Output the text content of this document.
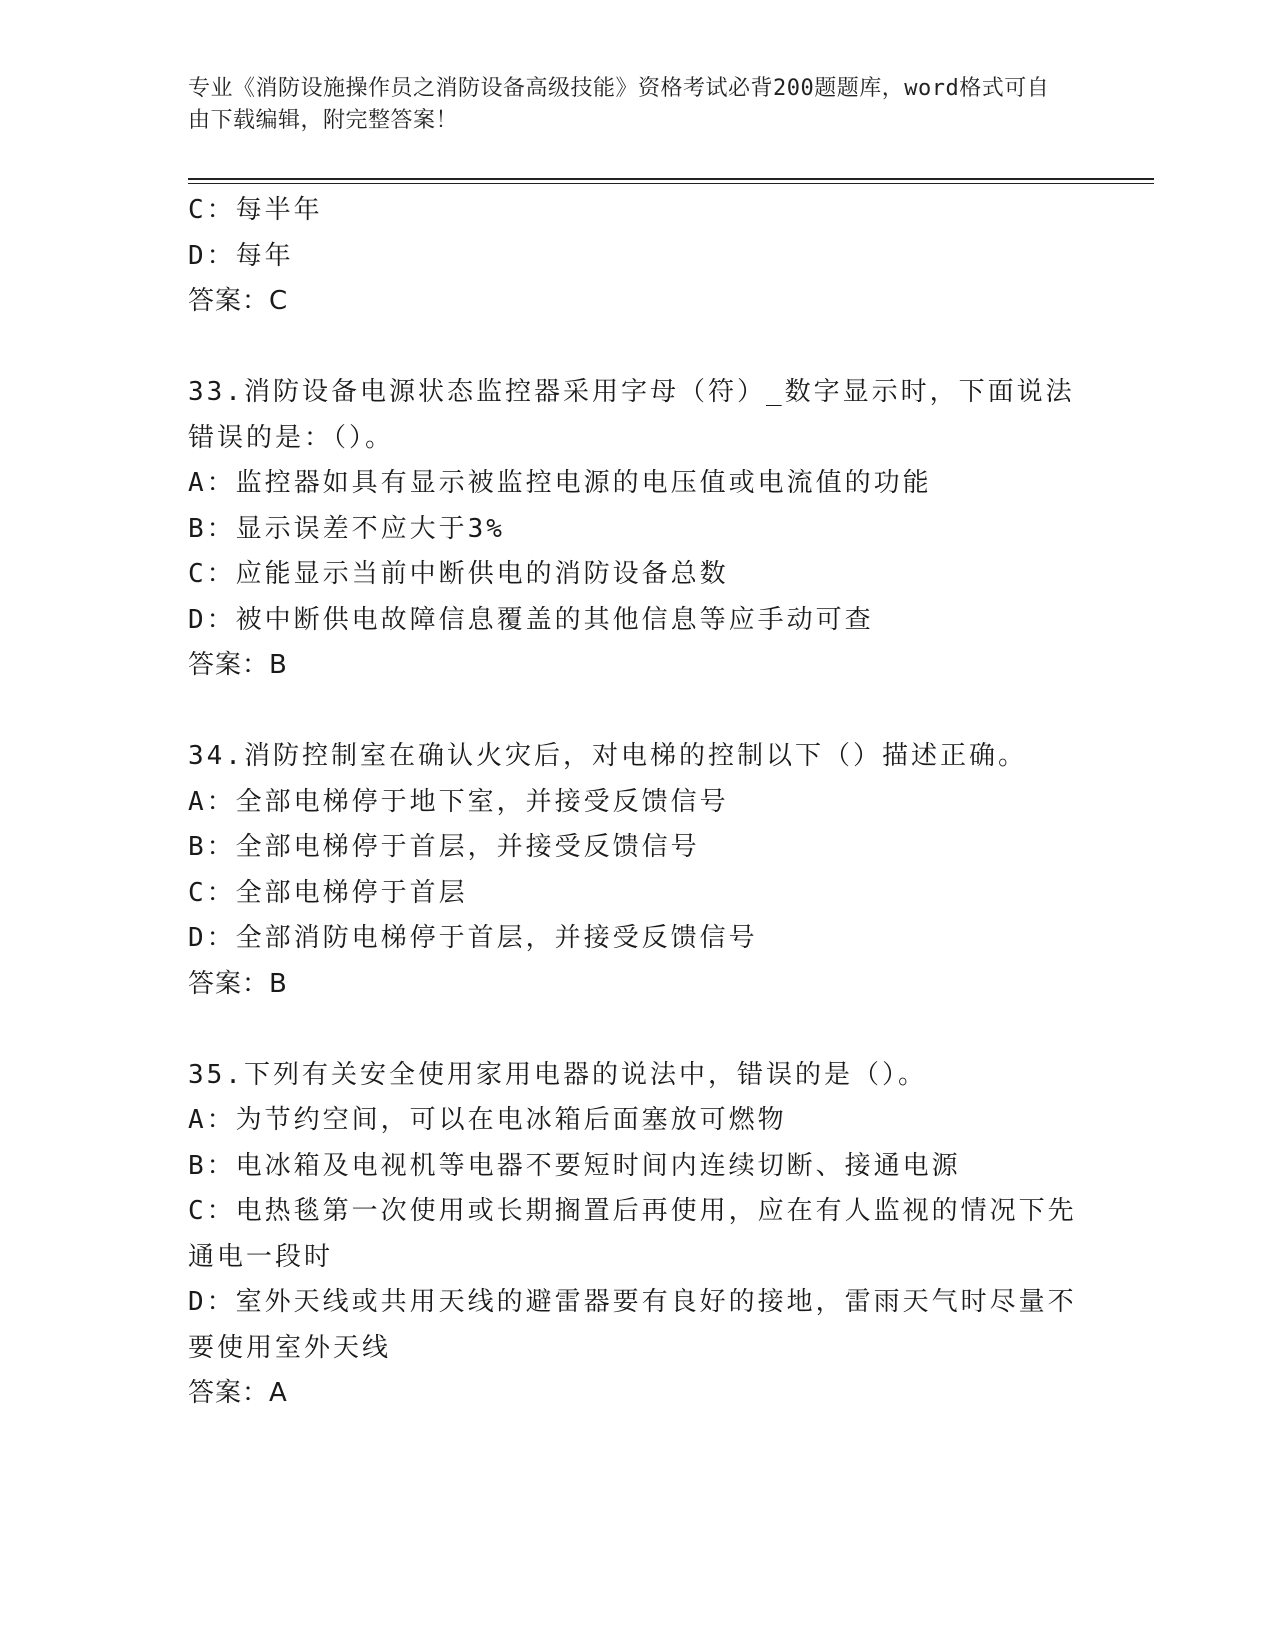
专业《消防设施操作员之消防设备高级技能》资格考试必背200题题库，word格式可自由下载编辑，附完整答案！

C：每半年

D：每年

答案：C

33.消防设备电源状态监控器采用字母（符）_数字显示时，下面说法错误的是：（）。

A：监控器如具有显示被监控电源的电压值或电流值的功能

B：显示误差不应大于3%

C：应能显示当前中断供电的消防设备总数

D：被中断供电故障信息覆盖的其他信息等应手动可查

答案：B

34.消防控制室在确认火灾后，对电梯的控制以下（）描述正确。

A：全部电梯停于地下室，并接受反馈信号

B：全部电梯停于首层，并接受反馈信号

C：全部电梯停于首层

D：全部消防电梯停于首层，并接受反馈信号

答案：B

35.下列有关安全使用家用电器的说法中，错误的是（）。

A：为节约空间，可以在电冰箱后面塞放可燃物

B：电冰箱及电视机等电器不要短时间内连续切断、接通电源

C：电热毯第一次使用或长期搁置后再使用，应在有人监视的情况下先通电一段时

D：室外天线或共用天线的避雷器要有良好的接地，雷雨天气时尽量不要使用室外天线

答案：A
